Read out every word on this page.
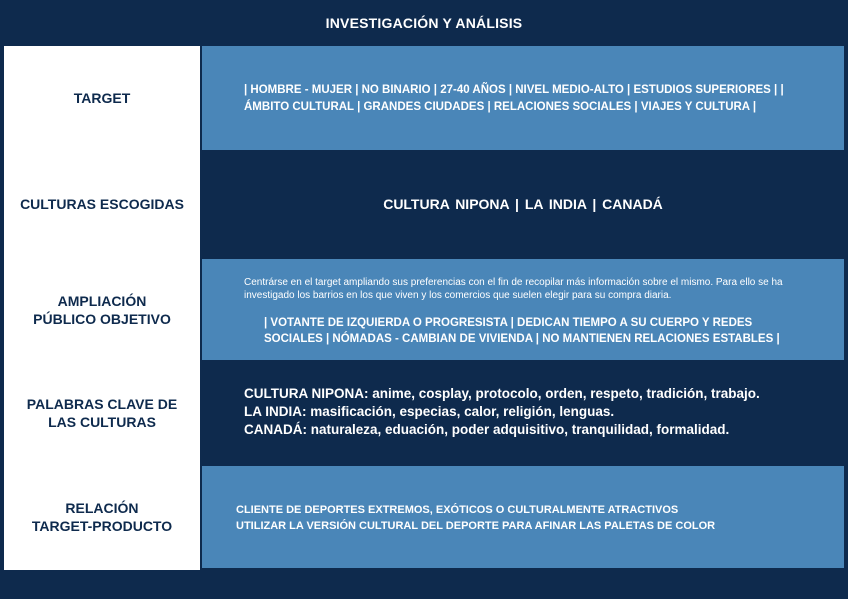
INVESTIGACIÓN Y ANÁLISIS
TARGET	| HOMBRE - MUJER | NO BINARIO | 27-40 AÑOS | NIVEL MEDIO-ALTO | ESTUDIOS SUPERIORES | | ÁMBITO CULTURAL | GRANDES CIUDADES | RELACIONES SOCIALES | VIAJES Y CULTURA |
CULTURAS ESCOGIDAS	CULTURA NIPONA | LA INDIA | CANADÁ
AMPLIACIÓN
PÚBLICO OBJETIVO
Centrárse en el target ampliando sus preferencias con el fin de recopilar más información sobre el mismo. Para ello se ha investigado los barrios en los que viven y los comercios que suelen elegir para su compra diaria.
| VOTANTE DE IZQUIERDA O PROGRESISTA | DEDICAN TIEMPO A SU CUERPO Y REDES SOCIALES | NÓMADAS - CAMBIAN DE VIVIENDA | NO MANTIENEN RELACIONES ESTABLES |
PALABRAS CLAVE DE
LAS CULTURAS
CULTURA NIPONA: anime, cosplay, protocolo, orden, respeto, tradición, trabajo.
LA INDIA: masificación, especias, calor, religión, lenguas.
CANADÁ: naturaleza, eduación, poder adquisitivo, tranquilidad, formalidad.
RELACIÓN
TARGET-PRODUCTO
CLIENTE DE DEPORTES EXTREMOS, EXÓTICOS O CULTURALMENTE ATRACTIVOS
UTILIZAR LA VERSIÓN CULTURAL DEL DEPORTE PARA AFINAR LAS PALETAS DE COLOR
